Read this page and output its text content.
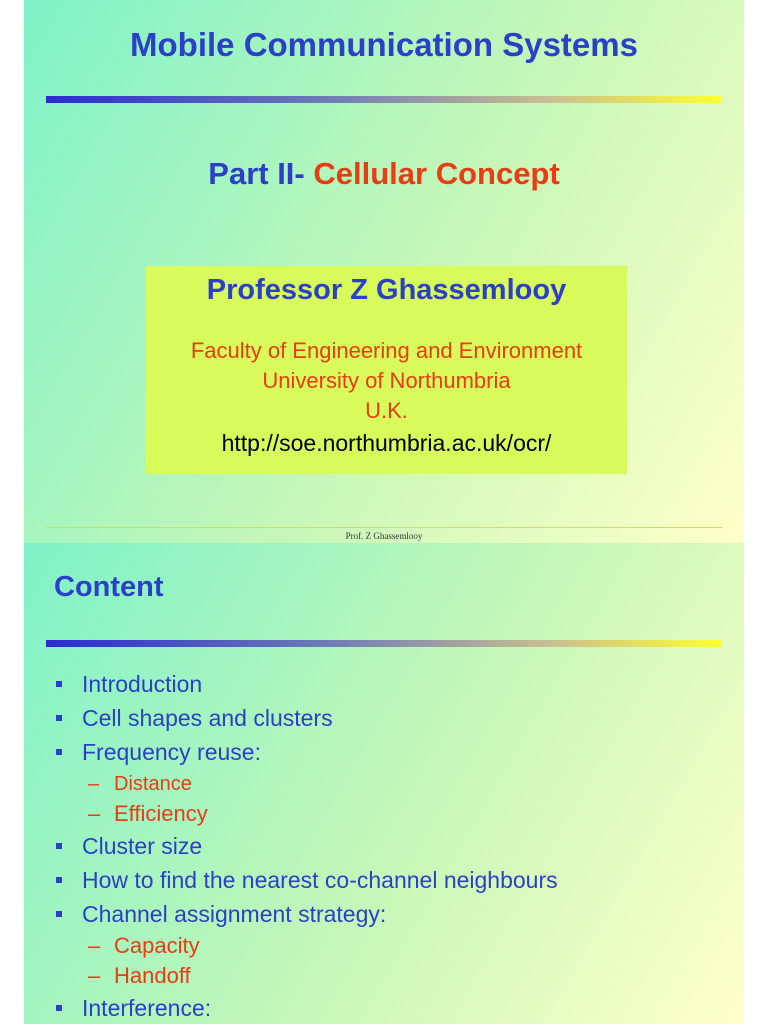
Mobile Communication Systems
Part II- Cellular Concept

Professor Z Ghassemlooy

Faculty of Engineering and Environment

University of Northumbria

U.K.

http://soe.northumbria.ac.uk/ocr/

Prof. Z Ghassemlooy
Content
Introduction
Cell shapes and clusters
Frequency reuse:
– Distance
– Efficiency
Cluster size
How to find the nearest co-channel neighbours
Channel assignment strategy:
– Capacity
– Handoff
Interference:
